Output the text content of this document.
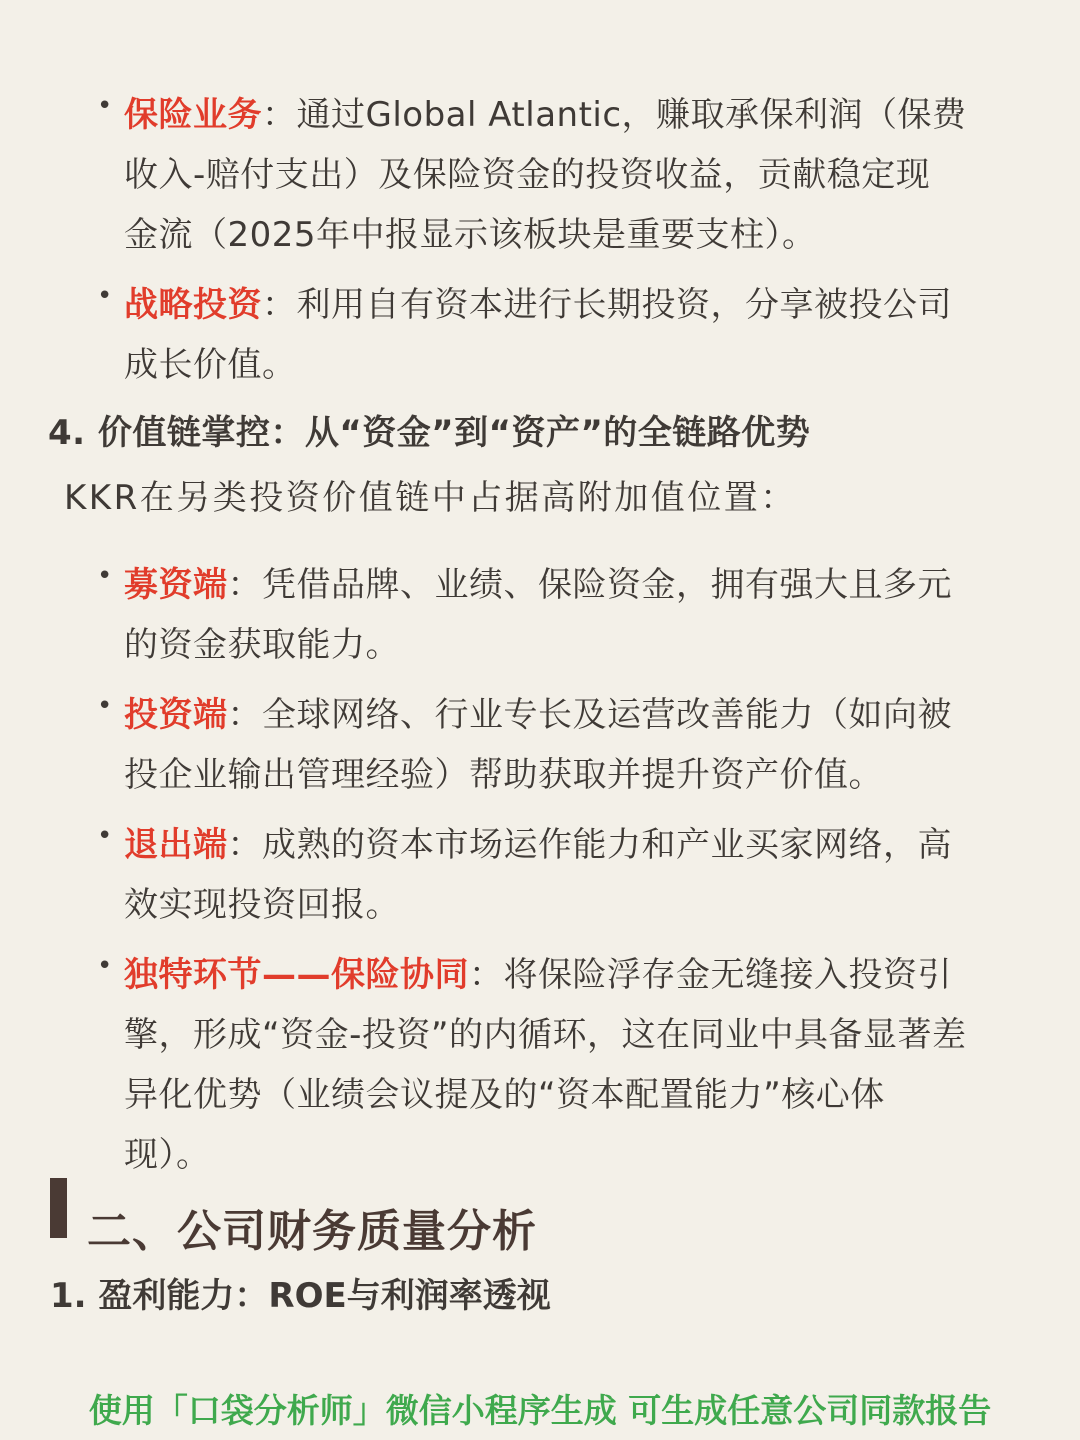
• 保险业务：通过Global Atlantic，赚取承保利润（保费
收入-赔付支出）及保险资金的投资收益，贡献稳定现
金流（2025年中报显示该板块是重要支柱）。
• 战略投资：利用自有资本进行长期投资，分享被投公司
成长价值。
4. 价值链掌控：从“资金”到“资产”的全链路优势
KKR在另类投资价值链中占据高附加值位置：
• 募资端：凭借品牌、业绩、保险资金，拥有强大且多元
的资金获取能力。
• 投资端：全球网络、行业专长及运营改善能力（如向被
投企业输出管理经验）帮助获取并提升资产价值。
• 退出端：成熟的资本市场运作能力和产业买家网络，高
效实现投资回报。
• 独特环节——保险协同：将保险浮存金无缝接入投资引
擎，形成“资金-投资”的内循环，这在同业中具备显著差
异化优势（业绩会议提及的“资本配置能力”核心体
现）。
二、公司财务质量分析
1. 盈利能力：ROE与利润率透视
使用「口袋分析师」微信小程序生成 可生成任意公司同款报告
